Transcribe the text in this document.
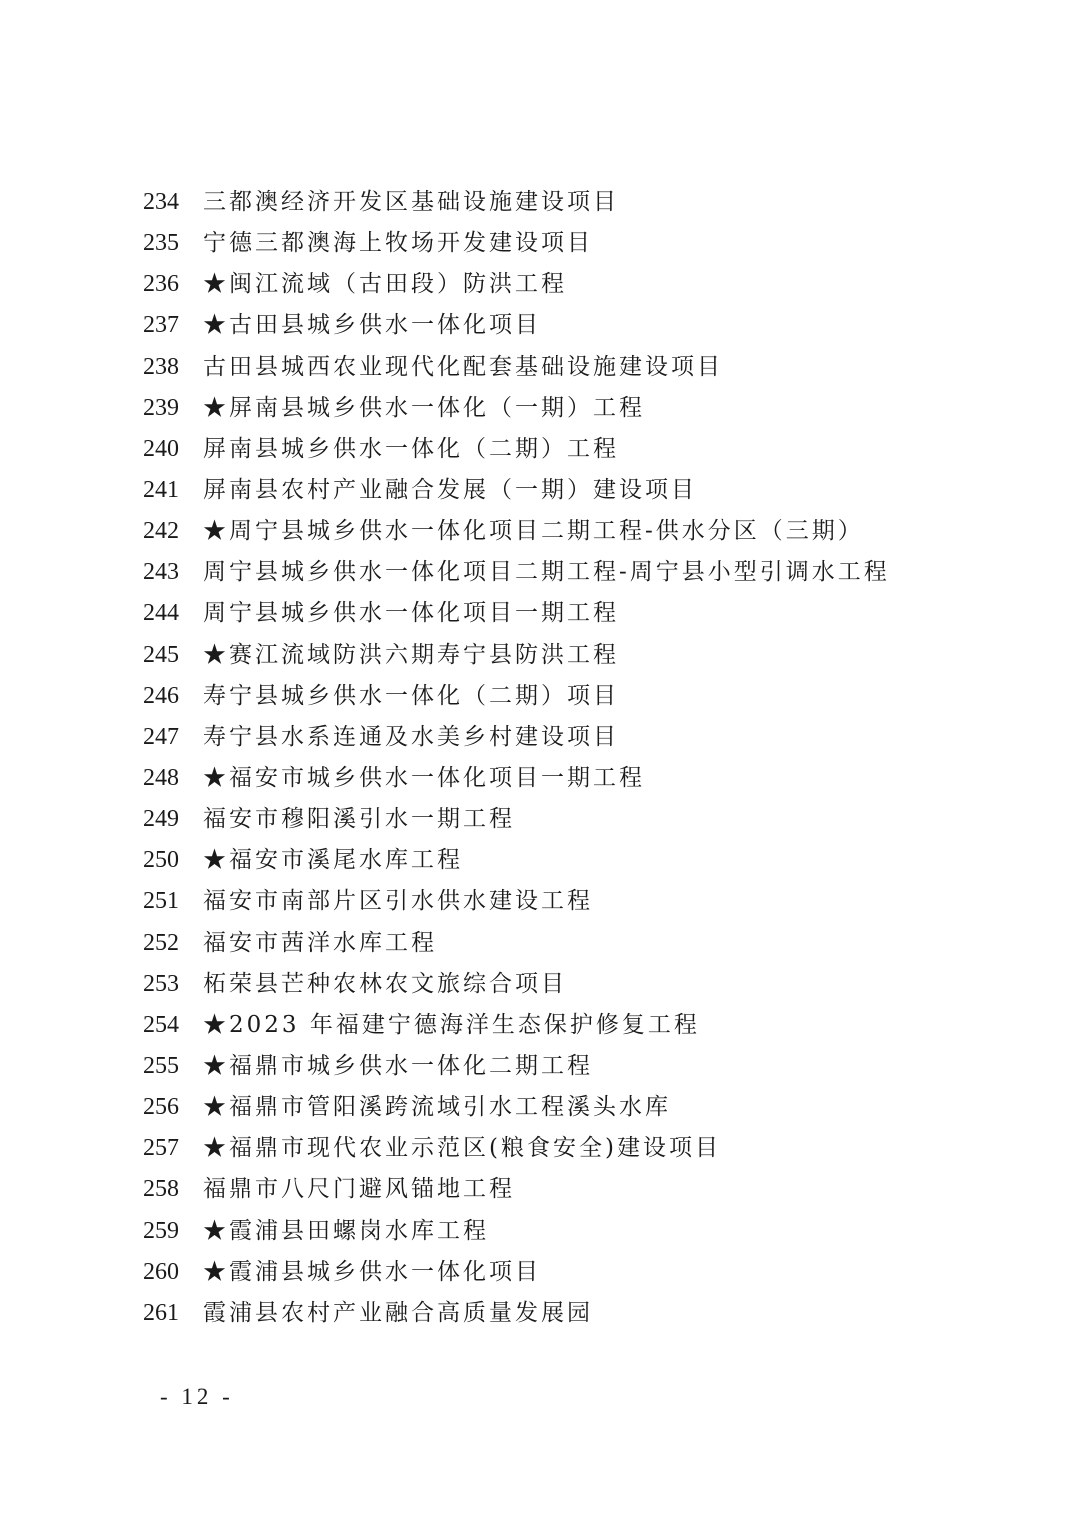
234	三都澳经济开发区基础设施建设项目
235	宁德三都澳海上牧场开发建设项目
236	★闽江流域（古田段）防洪工程
237	★古田县城乡供水一体化项目
238	古田县城西农业现代化配套基础设施建设项目
239	★屏南县城乡供水一体化（一期）工程
240	屏南县城乡供水一体化（二期）工程
241	屏南县农村产业融合发展（一期）建设项目
242	★周宁县城乡供水一体化项目二期工程-供水分区（三期）
243	周宁县城乡供水一体化项目二期工程-周宁县小型引调水工程
244	周宁县城乡供水一体化项目一期工程
245	★赛江流域防洪六期寿宁县防洪工程
246	寿宁县城乡供水一体化（二期）项目
247	寿宁县水系连通及水美乡村建设项目
248	★福安市城乡供水一体化项目一期工程
249	福安市穆阳溪引水一期工程
250	★福安市溪尾水库工程
251	福安市南部片区引水供水建设工程
252	福安市茜洋水库工程
253	柘荣县芒种农林农文旅综合项目
254	★2023 年福建宁德海洋生态保护修复工程
255	★福鼎市城乡供水一体化二期工程
256	★福鼎市管阳溪跨流域引水工程溪头水库
257	★福鼎市现代农业示范区(粮食安全)建设项目
258	福鼎市八尺门避风锚地工程
259	★霞浦县田螺岗水库工程
260	★霞浦县城乡供水一体化项目
261	霞浦县农村产业融合高质量发展园
- 12 -
